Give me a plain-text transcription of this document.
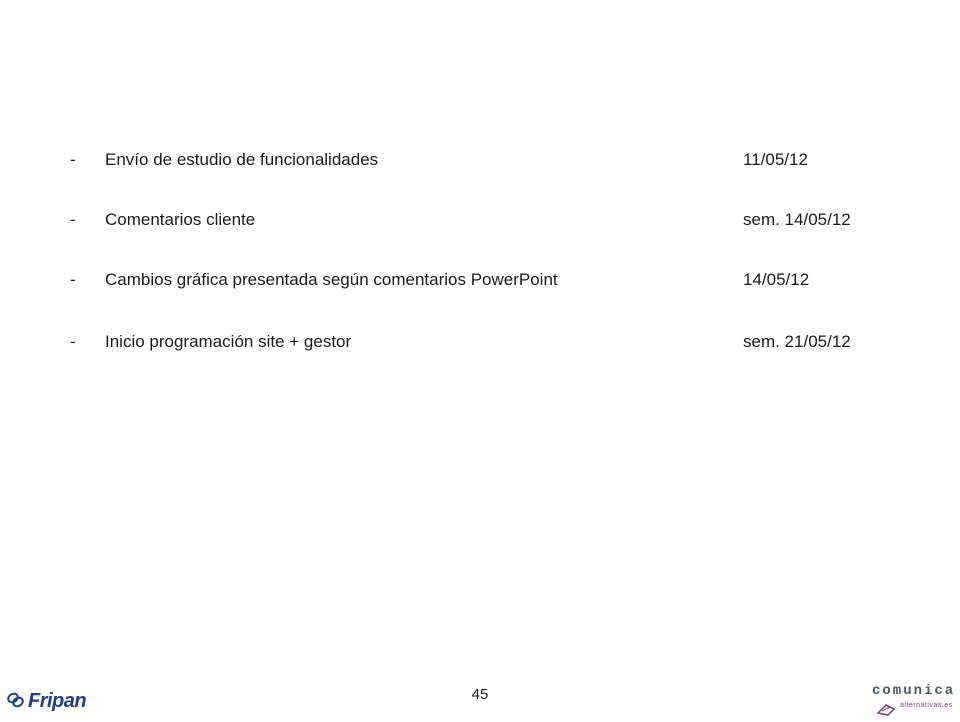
- Envío de estudio de funcionalidades	11/05/12
- Comentarios cliente	sem. 14/05/12
- Cambios gráfica presentada según comentarios PowerPoint	14/05/12
- Inicio programación site + gestor	sem. 21/05/12
Fripan	45	comunica
alternativas.es
